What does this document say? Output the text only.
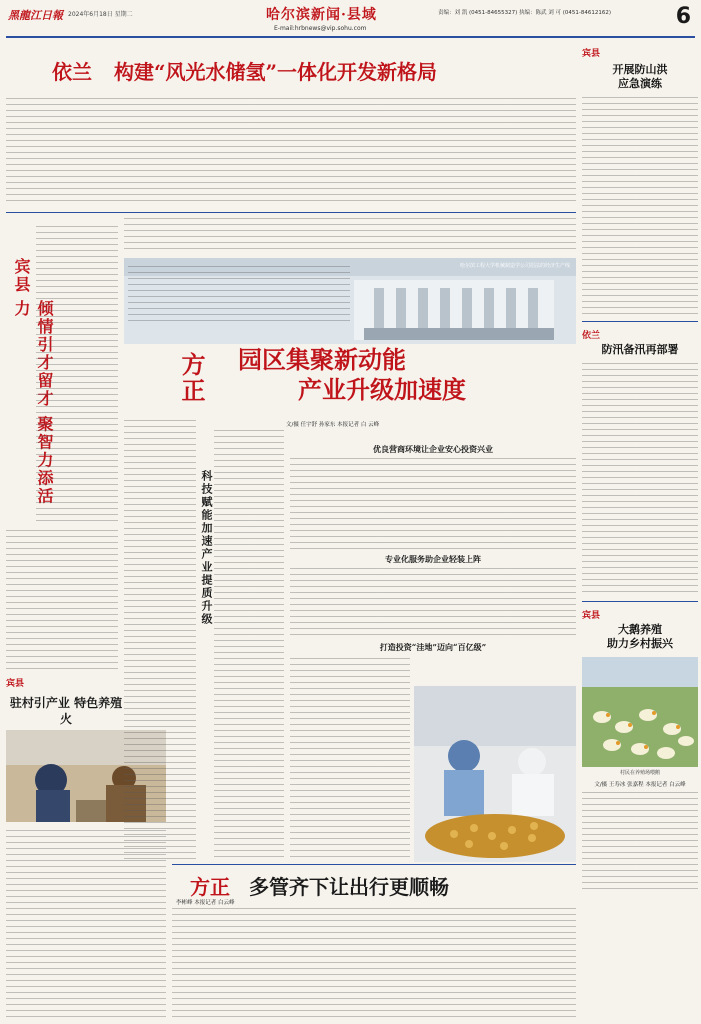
黑龍江日報 2024年6月18日 星期二	哈尔滨新闻·县域
E-mail:hrbnews@vip.sohu.com
责编：刘 凯 (0451-84655327) 执编：陈武 刘 可 (0451-84612162)	6
依兰 构建“风光水储氢”一体化开发新格局
宾县
倾情引才留才 聚智力添活力
宾县
驻村引产业 特色养殖火
哈尔滨工程大学机械制造学公司招法的经济生产线
方正 园区集聚新动能
产业升级加速度
文/摄 任宇舒 孙家东 本报记者 白 云峰
科技赋能加速产业提质升级
优良营商环境让企业安心投资兴业
专业化服务助企业轻装上阵
打造投资“洼地”迈向“百亿级”
方正 多管齐下让出行更顺畅
李彬峰 本报记者 白云峰
宾县
开展防山洪
应急演练
依兰
防汛备汛再部署
宾县
大鹅养殖
助力乡村振兴
村民在养殖场喂鹅
文/摄 王寿冰 张嘉程 本报记者 白云峰
